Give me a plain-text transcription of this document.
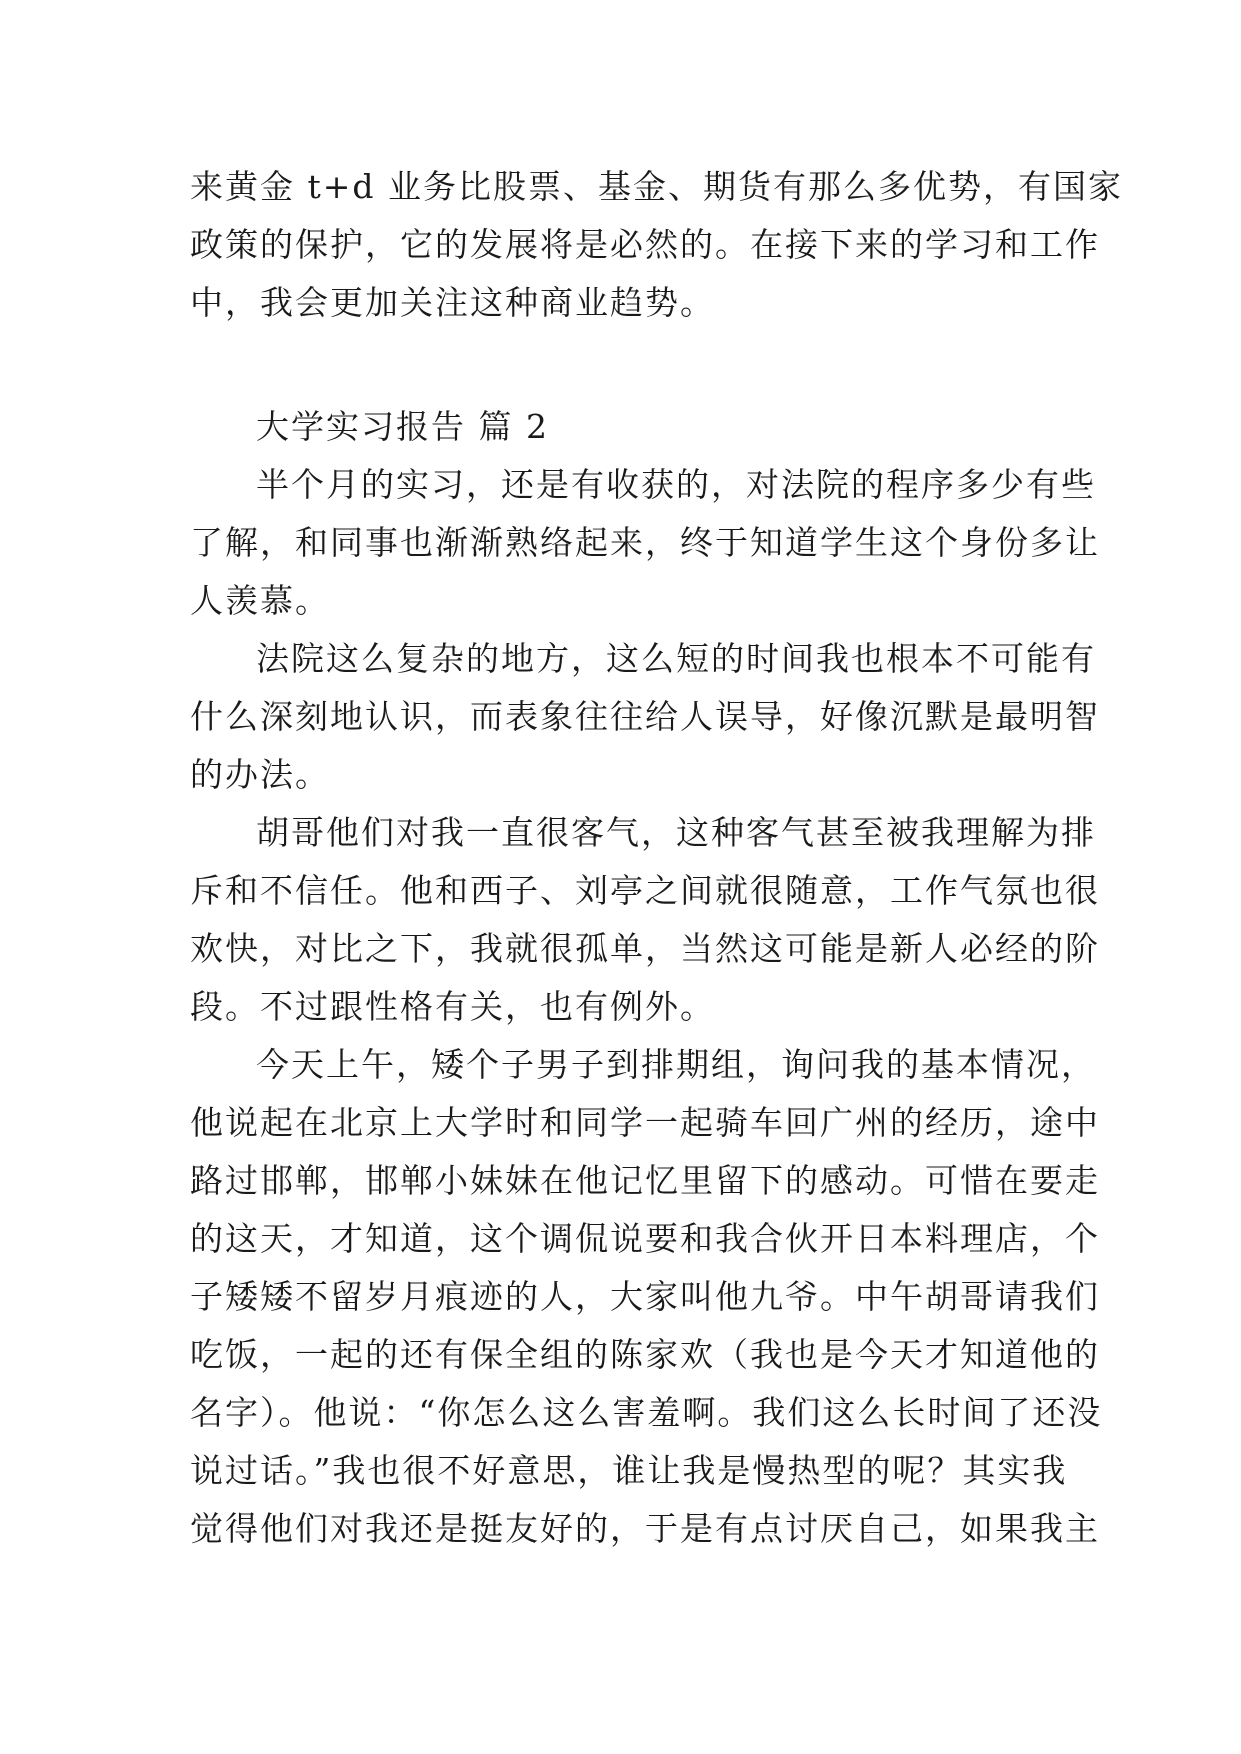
来黄金 t+d 业务比股票、基金、期货有那么多优势，有国家
政策的保护，它的发展将是必然的。在接下来的学习和工作
中，我会更加关注这种商业趋势。
大学实习报告 篇 2
半个月的实习，还是有收获的，对法院的程序多少有些
了解，和同事也渐渐熟络起来，终于知道学生这个身份多让
人羡慕。
法院这么复杂的地方，这么短的时间我也根本不可能有
什么深刻地认识，而表象往往给人误导，好像沉默是最明智
的办法。
胡哥他们对我一直很客气，这种客气甚至被我理解为排
斥和不信任。他和西子、刘亭之间就很随意，工作气氛也很
欢快，对比之下，我就很孤单，当然这可能是新人必经的阶
段。不过跟性格有关，也有例外。
今天上午，矮个子男子到排期组，询问我的基本情况，
他说起在北京上大学时和同学一起骑车回广州的经历，途中
路过邯郸，邯郸小妹妹在他记忆里留下的感动。可惜在要走
的这天，才知道，这个调侃说要和我合伙开日本料理店，个
子矮矮不留岁月痕迹的人，大家叫他九爷。中午胡哥请我们
吃饭，一起的还有保全组的陈家欢（我也是今天才知道他的
名字）。他说：“你怎么这么害羞啊。我们这么长时间了还没
说过话。”我也很不好意思，谁让我是慢热型的呢？其实我
觉得他们对我还是挺友好的，于是有点讨厌自己，如果我主
